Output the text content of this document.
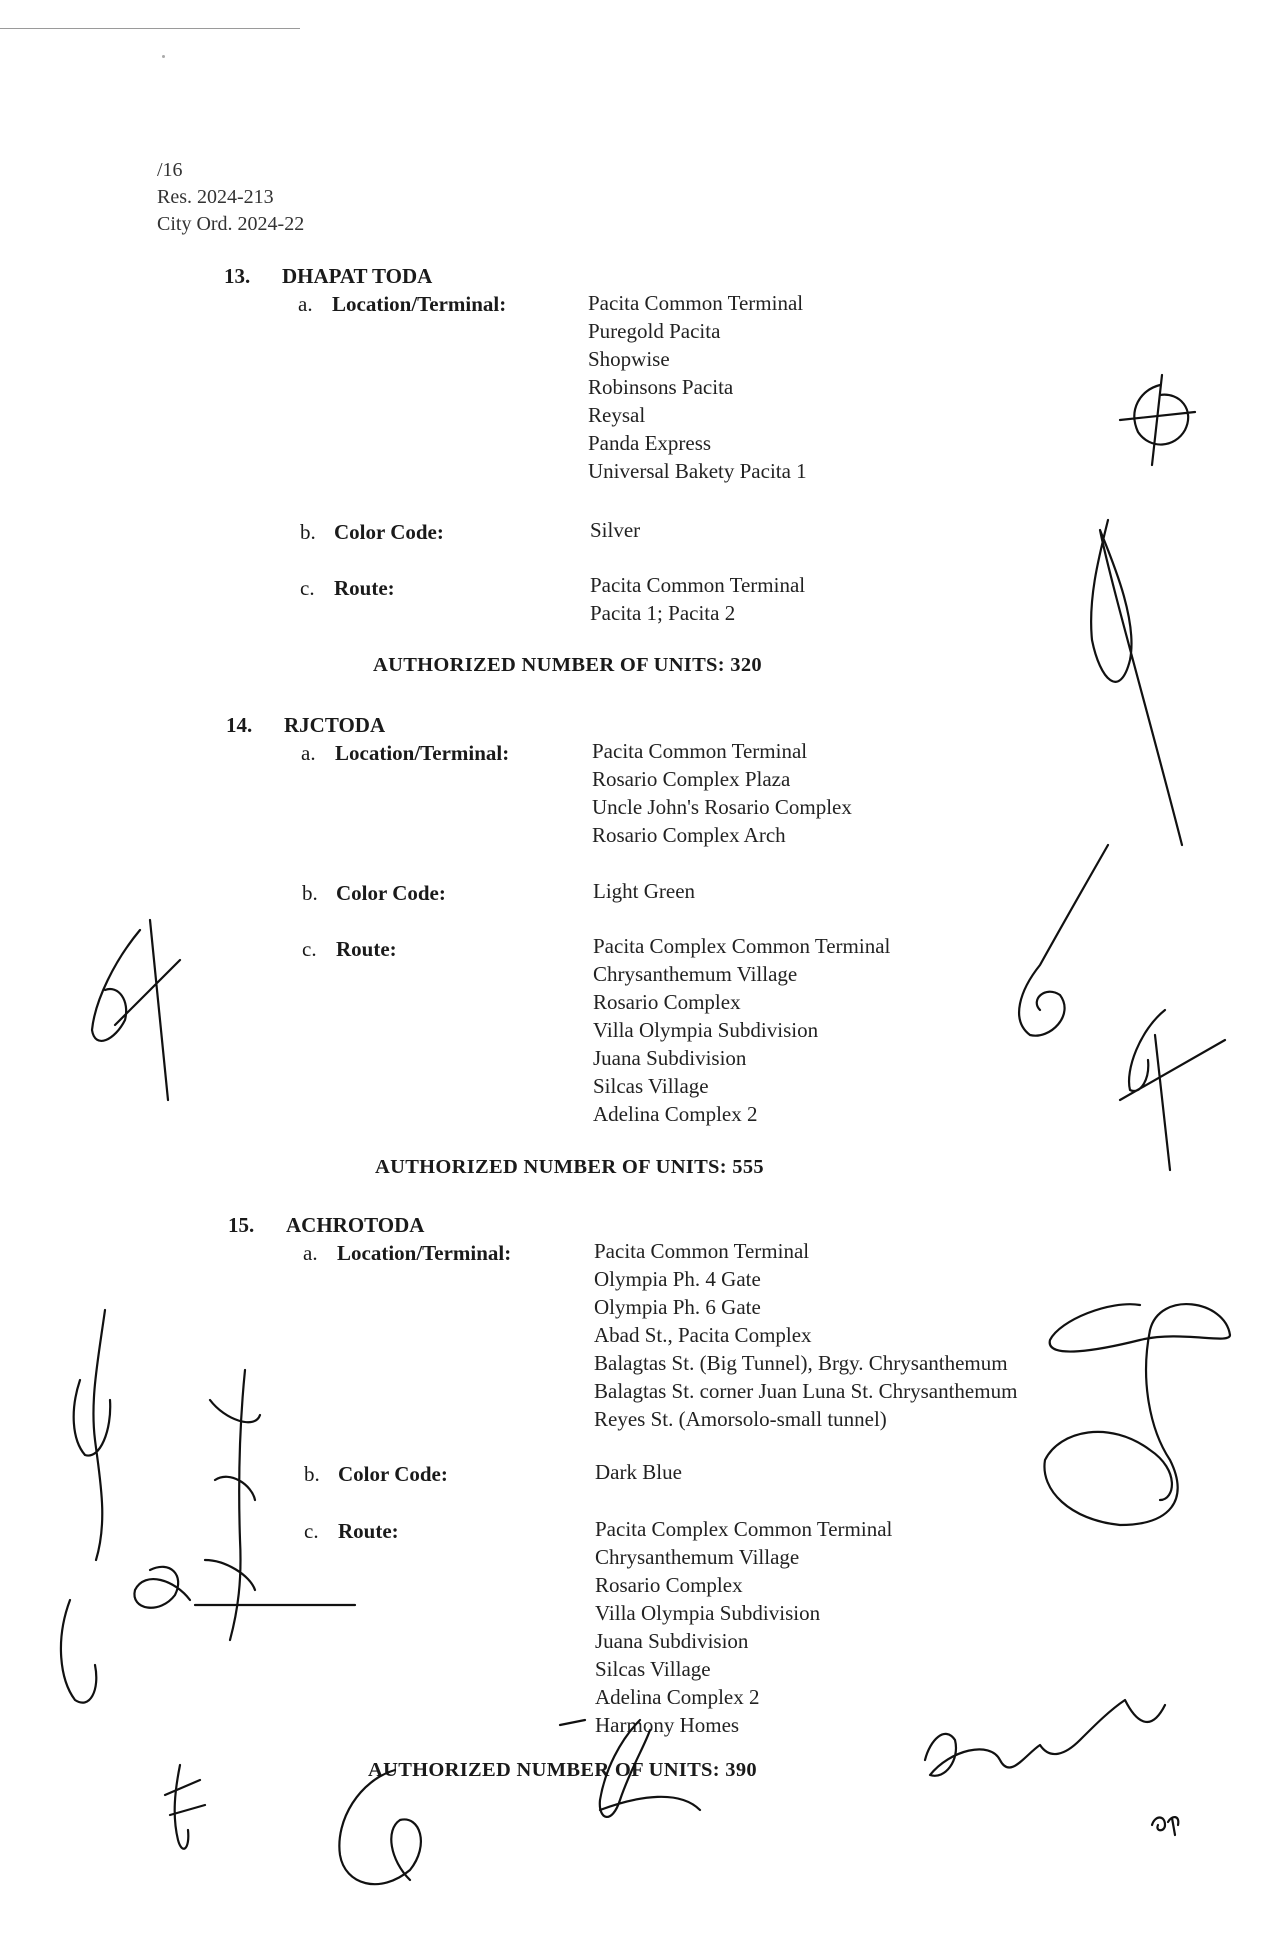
/16
Res. 2024-213
City Ord. 2024-22
13. DHAPAT TODA
a. Location/Terminal:	Pacita Common Terminal
Puregold Pacita
Shopwise
Robinsons Pacita
Reysal
Panda Express
Universal Bakety Pacita 1
b. Color Code:	Silver
c. Route:	Pacita Common Terminal
Pacita 1; Pacita 2
AUTHORIZED NUMBER OF UNITS: 320
14. RJCTODA
a. Location/Terminal:	Pacita Common Terminal
Rosario Complex Plaza
Uncle John's Rosario Complex
Rosario Complex Arch
b. Color Code:	Light Green
c. Route:	Pacita Complex Common Terminal
Chrysanthemum Village
Rosario Complex
Villa Olympia Subdivision
Juana Subdivision
Silcas Village
Adelina Complex 2
AUTHORIZED NUMBER OF UNITS: 555
15. ACHROTODA
a. Location/Terminal:	Pacita Common Terminal
Olympia Ph. 4 Gate
Olympia Ph. 6 Gate
Abad St., Pacita Complex
Balagtas St. (Big Tunnel), Brgy. Chrysanthemum
Balagtas St. corner Juan Luna St. Chrysanthemum
Reyes St. (Amorsolo-small tunnel)
b. Color Code:	Dark Blue
c. Route:	Pacita Complex Common Terminal
Chrysanthemum Village
Rosario Complex
Villa Olympia Subdivision
Juana Subdivision
Silcas Village
Adelina Complex 2
Harmony Homes
AUTHORIZED NUMBER OF UNITS: 390
